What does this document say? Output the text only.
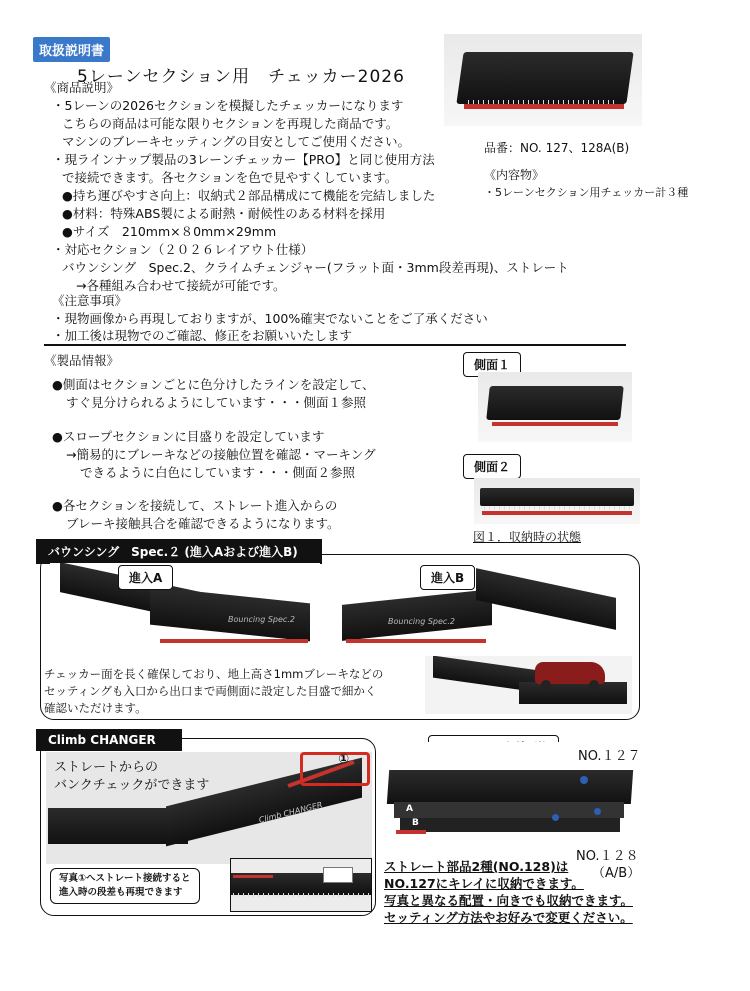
取扱説明書
5レーンセクション用　チェッカー2026
《商品説明》
・5レーンの2026セクションを模擬したチェッカーになります
こちらの商品は可能な限りセクションを再現した商品です。
マシンのブレーキセッティングの目安としてご使用ください。
・現ラインナップ製品の3レーンチェッカー【PRO】と同じ使用方法
で接続できます。各セクションを色で見やすくしています。
●持ち運びやすさ向上：収納式２部品構成にて機能を完結しました
●材料：特殊ABS製による耐熱・耐候性のある材料を採用
●サイズ　210mm×８0mm×29mm
・対応セクション（２０２６レイアウト仕様）
バウンシング　Spec.2、クライムチェンジャー(フラット面・3mm段差再現)、ストレート
→各種組み合わせて接続が可能です。
品番：NO. 127、128A(B)
《内容物》
・5レーンセクション用チェッカー計３種
《注意事項》
・現物画像から再現しておりますが、100%確実でないことをご了承ください
・加工後は現物でのご確認、修正をお願いいたします
《製品情報》
●側面はセクションごとに色分けしたラインを設定して、
すぐ見分けられるようにしています・・・側面１参照
●スロープセクションに目盛りを設定しています
→簡易的にブレーキなどの接触位置を確認・マーキング
できるように白色にしています・・・側面２参照
●各セクションを接続して、ストレート進入からの
ブレーキ接触具合を確認できるようになります。
側面１
側面２
図１．収納時の状態
バウンシング　Spec.２ (進入Aおよび進入B)
Bouncing Spec.2
進入A
Bouncing Spec.2
進入B
チェッカー面を長く確保しており、地上高さ1mmブレーキなどの
セッティングも入口から出口まで両側面に設定した目盛で細かく
確認いただけます。
Climb CHANGER
Climb CHANGER
ストレートからの
バンクチェックができます
①
写真①へストレート接続すると
進入時の段差も再現できます
A
B
NO.１２７
NO.１２８
（A/B）
ストレート部品2種(NO.128)は
NO.127にキレイに収納できます。
写真と異なる配置・向きでも収納できます。
セッティング方法やお好みで変更ください。
